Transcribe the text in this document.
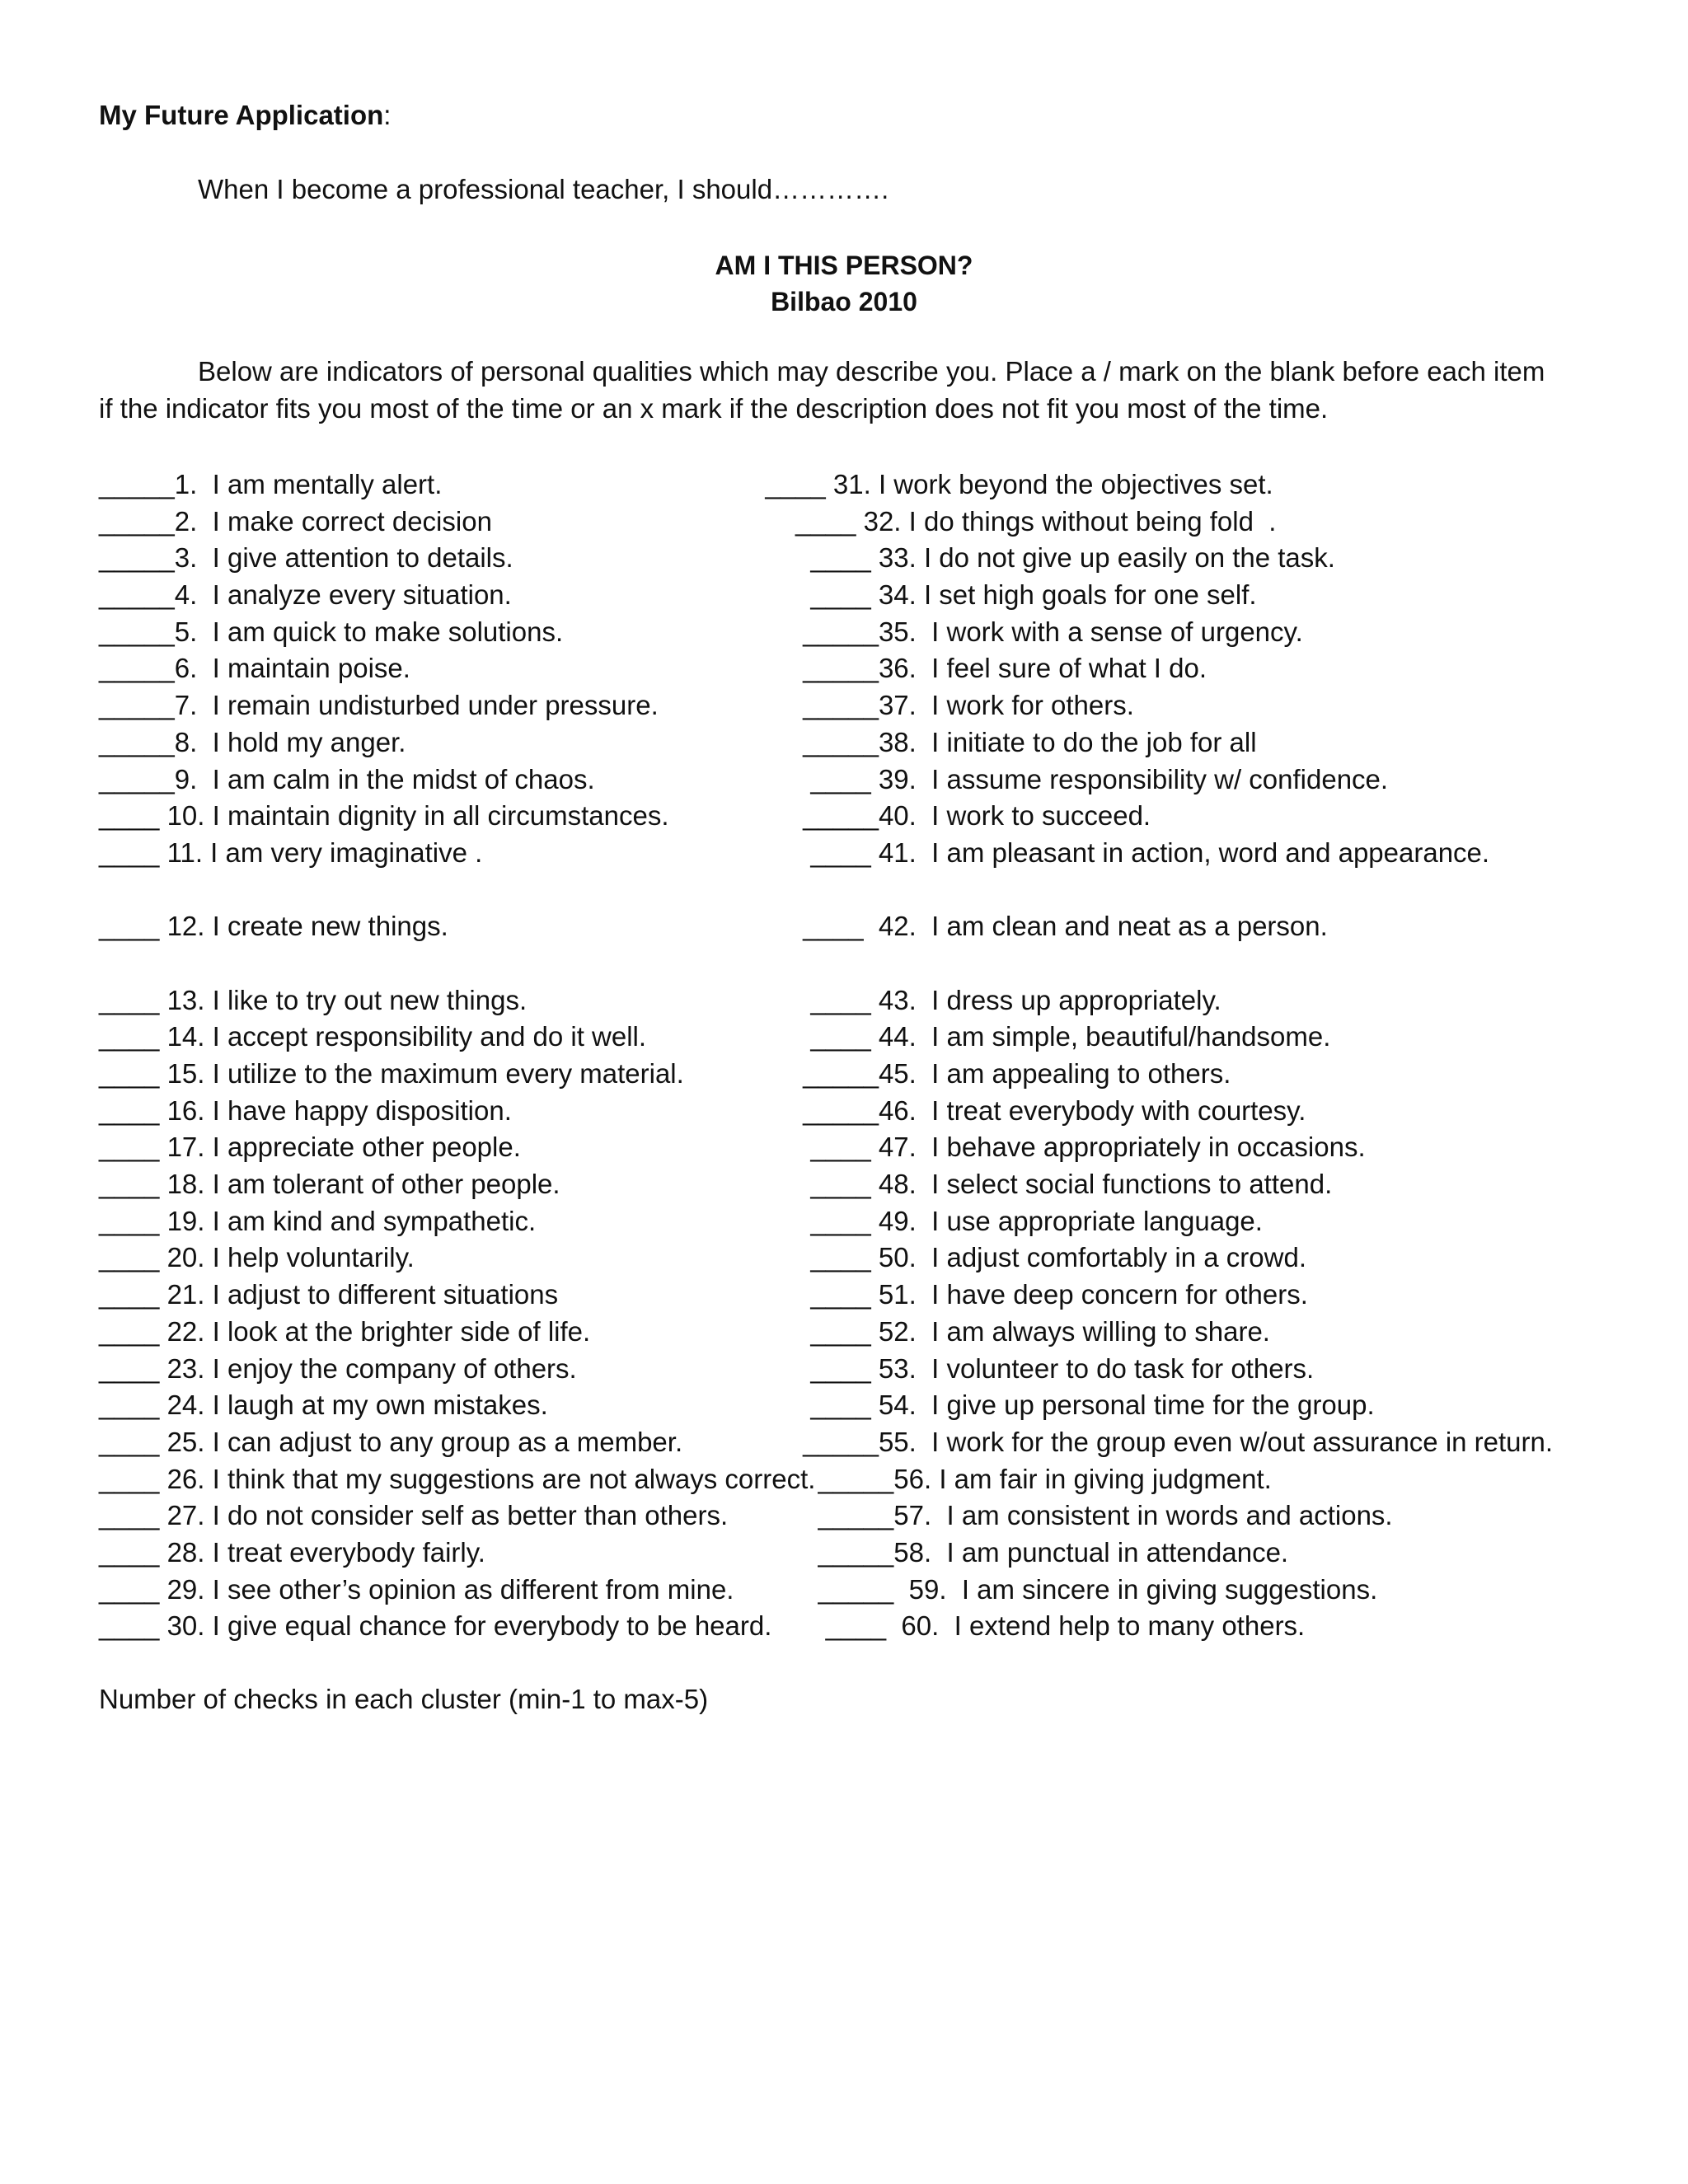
My Future Application:
When I become a professional teacher, I should………….
AM I THIS PERSON?
Bilbao 2010
Below are indicators of personal qualities which may describe you. Place a / mark on the blank before each item
if the indicator fits you most of the time or an x mark if the description does not fit you most of the time.
_____1.  I am mentally alert.
_____2.  I make correct decision
_____3.  I give attention to details.
_____4.  I analyze every situation.
_____5.  I am quick to make solutions.
_____6.  I maintain poise.
_____7.  I remain undisturbed under pressure.
_____8.  I hold my anger.
_____9.  I am calm in the midst of chaos.
____ 10. I maintain dignity in all circumstances.
____ 11. I am very imaginative .
____ 12. I create new things.
____ 13. I like to try out new things.
____ 14. I accept responsibility and do it well.
____ 15. I utilize to the maximum every material.
____ 16. I have happy disposition.
____ 17. I appreciate other people.
____ 18. I am tolerant of other people.
____ 19. I am kind and sympathetic.
____ 20. I help voluntarily.
____ 21. I adjust to different situations
____ 22. I look at the brighter side of life.
____ 23. I enjoy the company of others.
____ 24. I laugh at my own mistakes.
____ 25. I can adjust to any group as a member.
____ 26. I think that my suggestions are not always correct.
____ 27. I do not consider self as better than others.
____ 28. I treat everybody fairly.
____ 29. I see other’s opinion as different from mine.
____ 30. I give equal chance for everybody to be heard.
____ 31. I work beyond the objectives set.
____ 32. I do things without being fold  .
____ 33. I do not give up easily on the task.
____ 34. I set high goals for one self.
_____35.  I work with a sense of urgency.
_____36.  I feel sure of what I do.
_____37.  I work for others.
_____38.  I initiate to do the job for all
____ 39.  I assume responsibility w/ confidence.
_____40.  I work to succeed.
____ 41.  I am pleasant in action, word and appearance.
____  42.  I am clean and neat as a person.
____ 43.  I dress up appropriately.
____ 44.  I am simple, beautiful/handsome.
_____45.  I am appealing to others.
_____46.  I treat everybody with courtesy.
____ 47.  I behave appropriately in occasions.
____ 48.  I select social functions to attend.
____ 49.  I use appropriate language.
____ 50.  I adjust comfortably in a crowd.
____ 51.  I have deep concern for others.
____ 52.  I am always willing to share.
____ 53.  I volunteer to do task for others.
____ 54.  I give up personal time for the group.
_____55.  I work for the group even w/out assurance in return.
_____56. I am fair in giving judgment.
_____57.  I am consistent in words and actions.
_____58.  I am punctual in attendance.
_____  59.  I am sincere in giving suggestions.
____  60.  I extend help to many others.
Number of checks in each cluster (min-1 to max-5)
